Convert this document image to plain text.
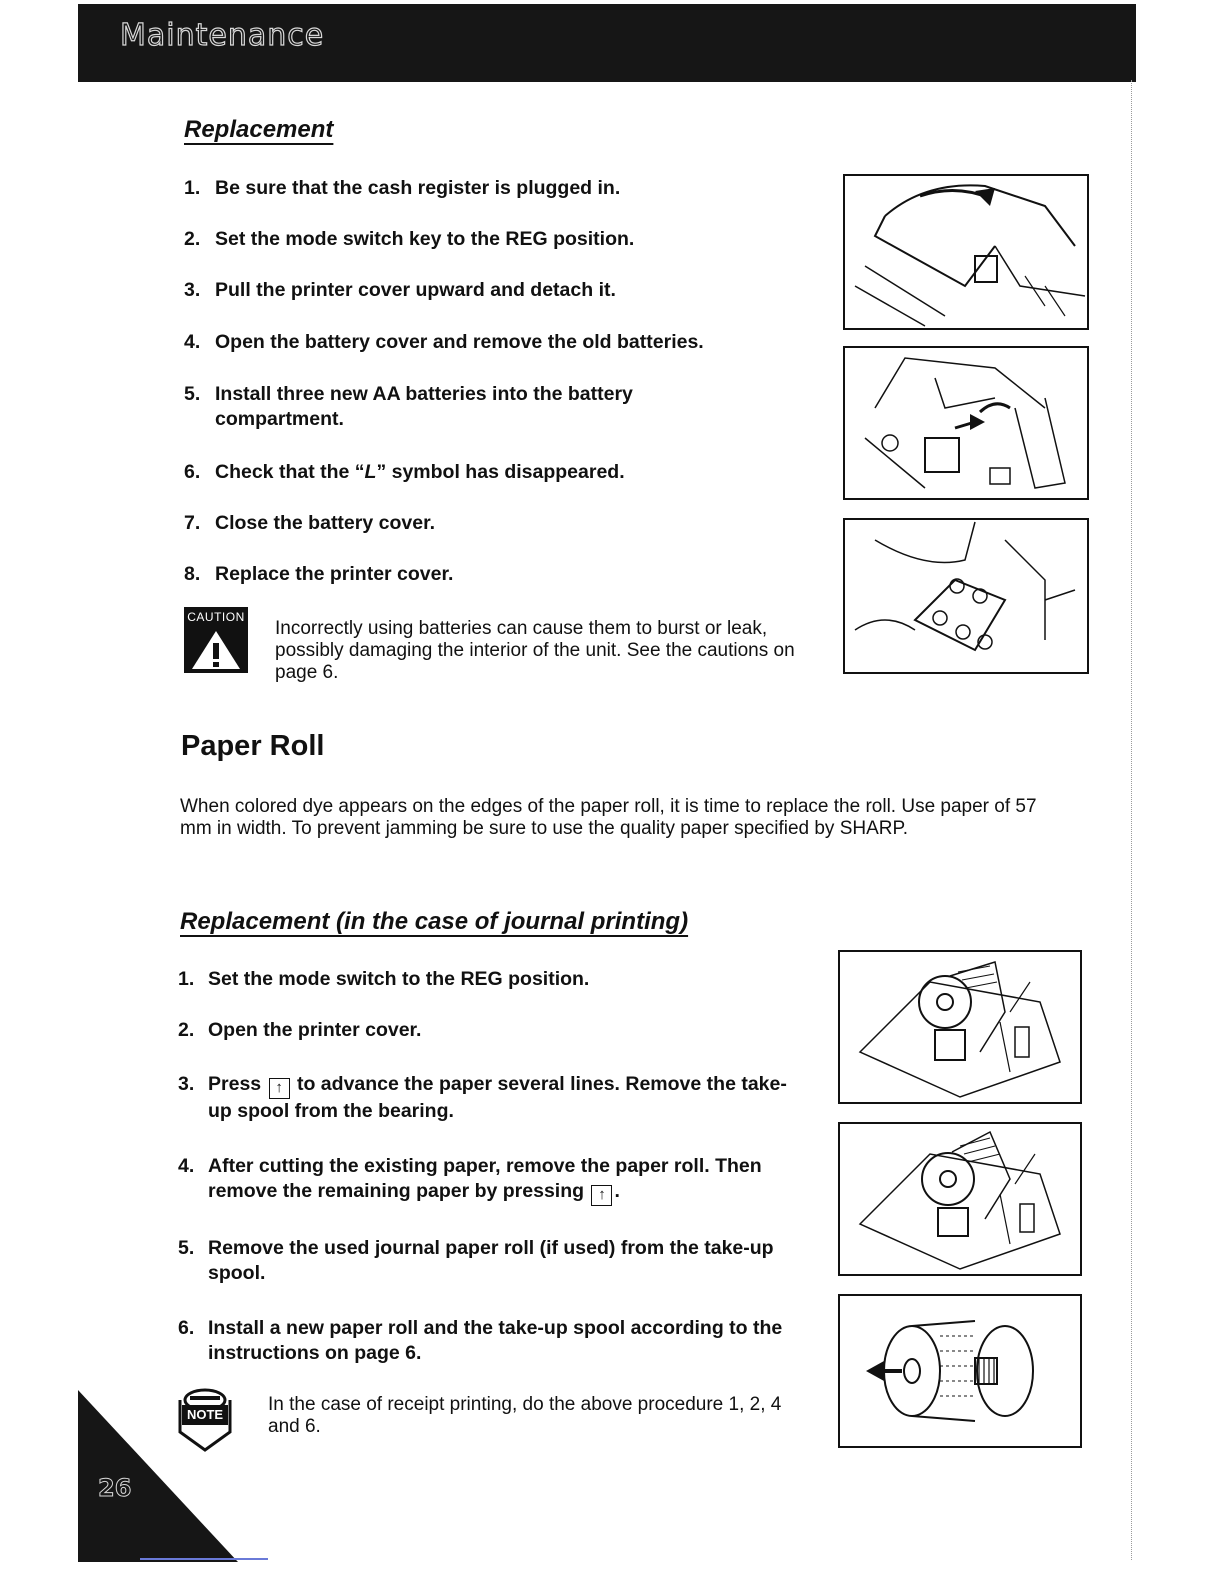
Maintenance
Replacement
1. Be sure that the cash register is plugged in.
2. Set the mode switch key to the REG position.
3. Pull the printer cover upward and detach it.
4. Open the battery cover and remove the old batteries.
5. Install three new AA batteries into the battery compartment.
6. Check that the “L” symbol has disappeared.
7. Close the battery cover.
8. Replace the printer cover.
CAUTION
Incorrectly using batteries can cause them to burst or leak, possibly damaging the interior of the unit. See the cautions on page 6.
Paper Roll
When colored dye appears on the edges of the paper roll, it is time to replace the roll. Use paper of 57 mm in width. To prevent jamming be sure to use the quality paper specified by SHARP.
Replacement (in the case of journal printing)
1. Set the mode switch to the REG position.
2. Open the printer cover.
3. Press ↑ to advance the paper several lines. Remove the take-up spool from the bearing.
4. After cutting the existing paper, remove the paper roll. Then remove the remaining paper by pressing ↑ .
5. Remove the used journal paper roll (if used) from the take-up spool.
6. Install a new paper roll and the take-up spool according to the instructions on page 6.
NOTE In the case of receipt printing, do the above procedure 1, 2, 4 and 6.
26
